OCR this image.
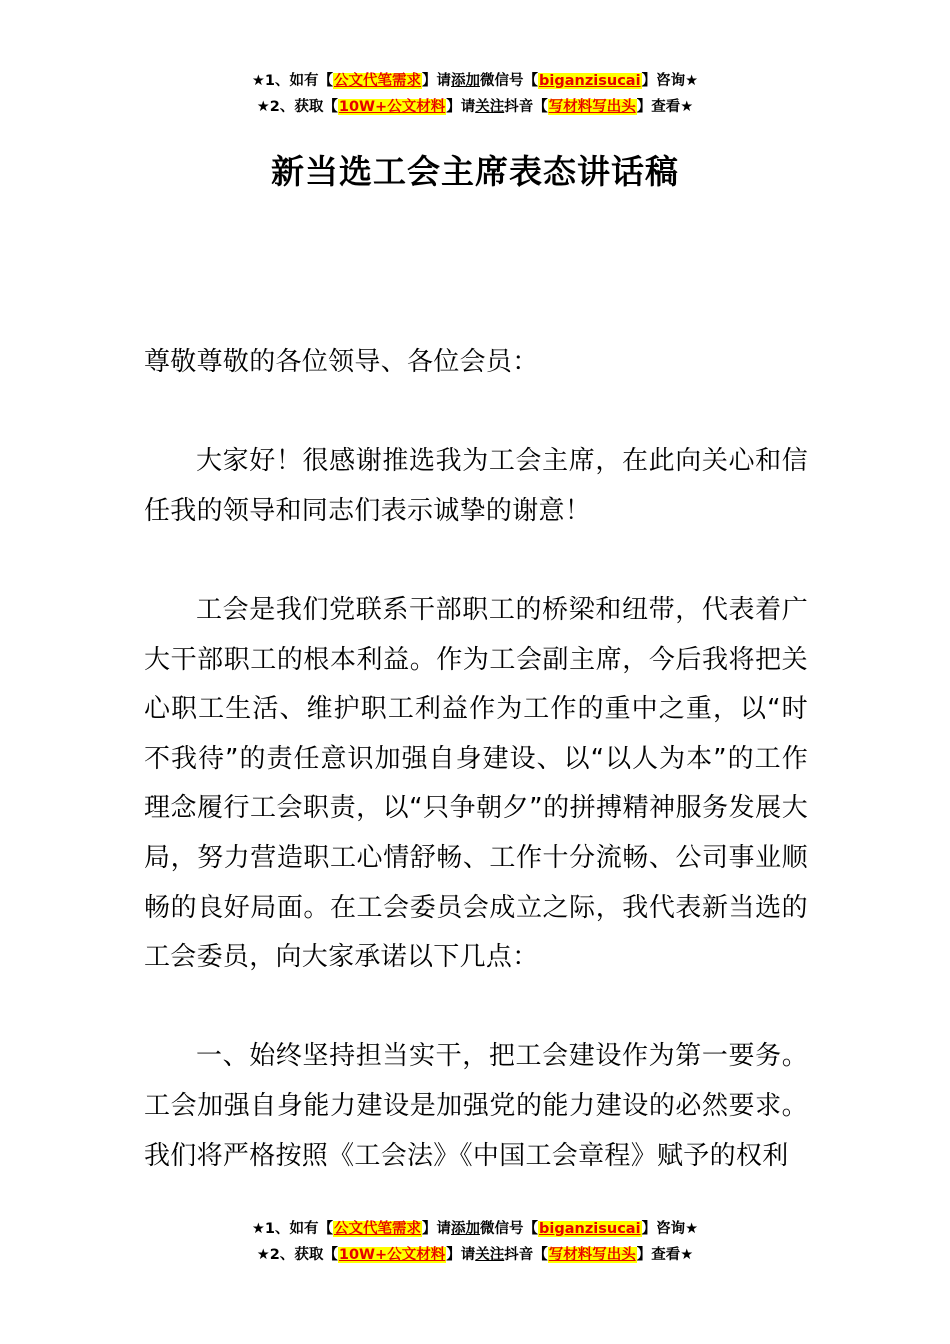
★1、如有【公文代笔需求】请添加微信号【biganzisucai】咨询★
★2、获取【10W+公文材料】请关注抖音【写材料写出头】查看★
新当选工会主席表态讲话稿

尊敬尊敬的各位领导、各位会员：

大家好！很感谢推选我为工会主席，在此向关心和信任我的领导和同志们表示诚挚的谢意！

工会是我们党联系干部职工的桥梁和纽带，代表着广大干部职工的根本利益。作为工会副主席，今后我将把关心职工生活、维护职工利益作为工作的重中之重，以“时不我待”的责任意识加强自身建设、以“以人为本”的工作理念履行工会职责，以“只争朝夕”的拼搏精神服务发展大局，努力营造职工心情舒畅、工作十分流畅、公司事业顺畅的良好局面。在工会委员会成立之际，我代表新当选的工会委员，向大家承诺以下几点：

一、始终坚持担当实干，把工会建设作为第一要务。工会加强自身能力建设是加强党的能力建设的必然要求。我们将严格按照《工会法》《中国工会章程》赋予的权利

★1、如有【公文代笔需求】请添加微信号【biganzisucai】咨询★
★2、获取【10W+公文材料】请关注抖音【写材料写出头】查看★
